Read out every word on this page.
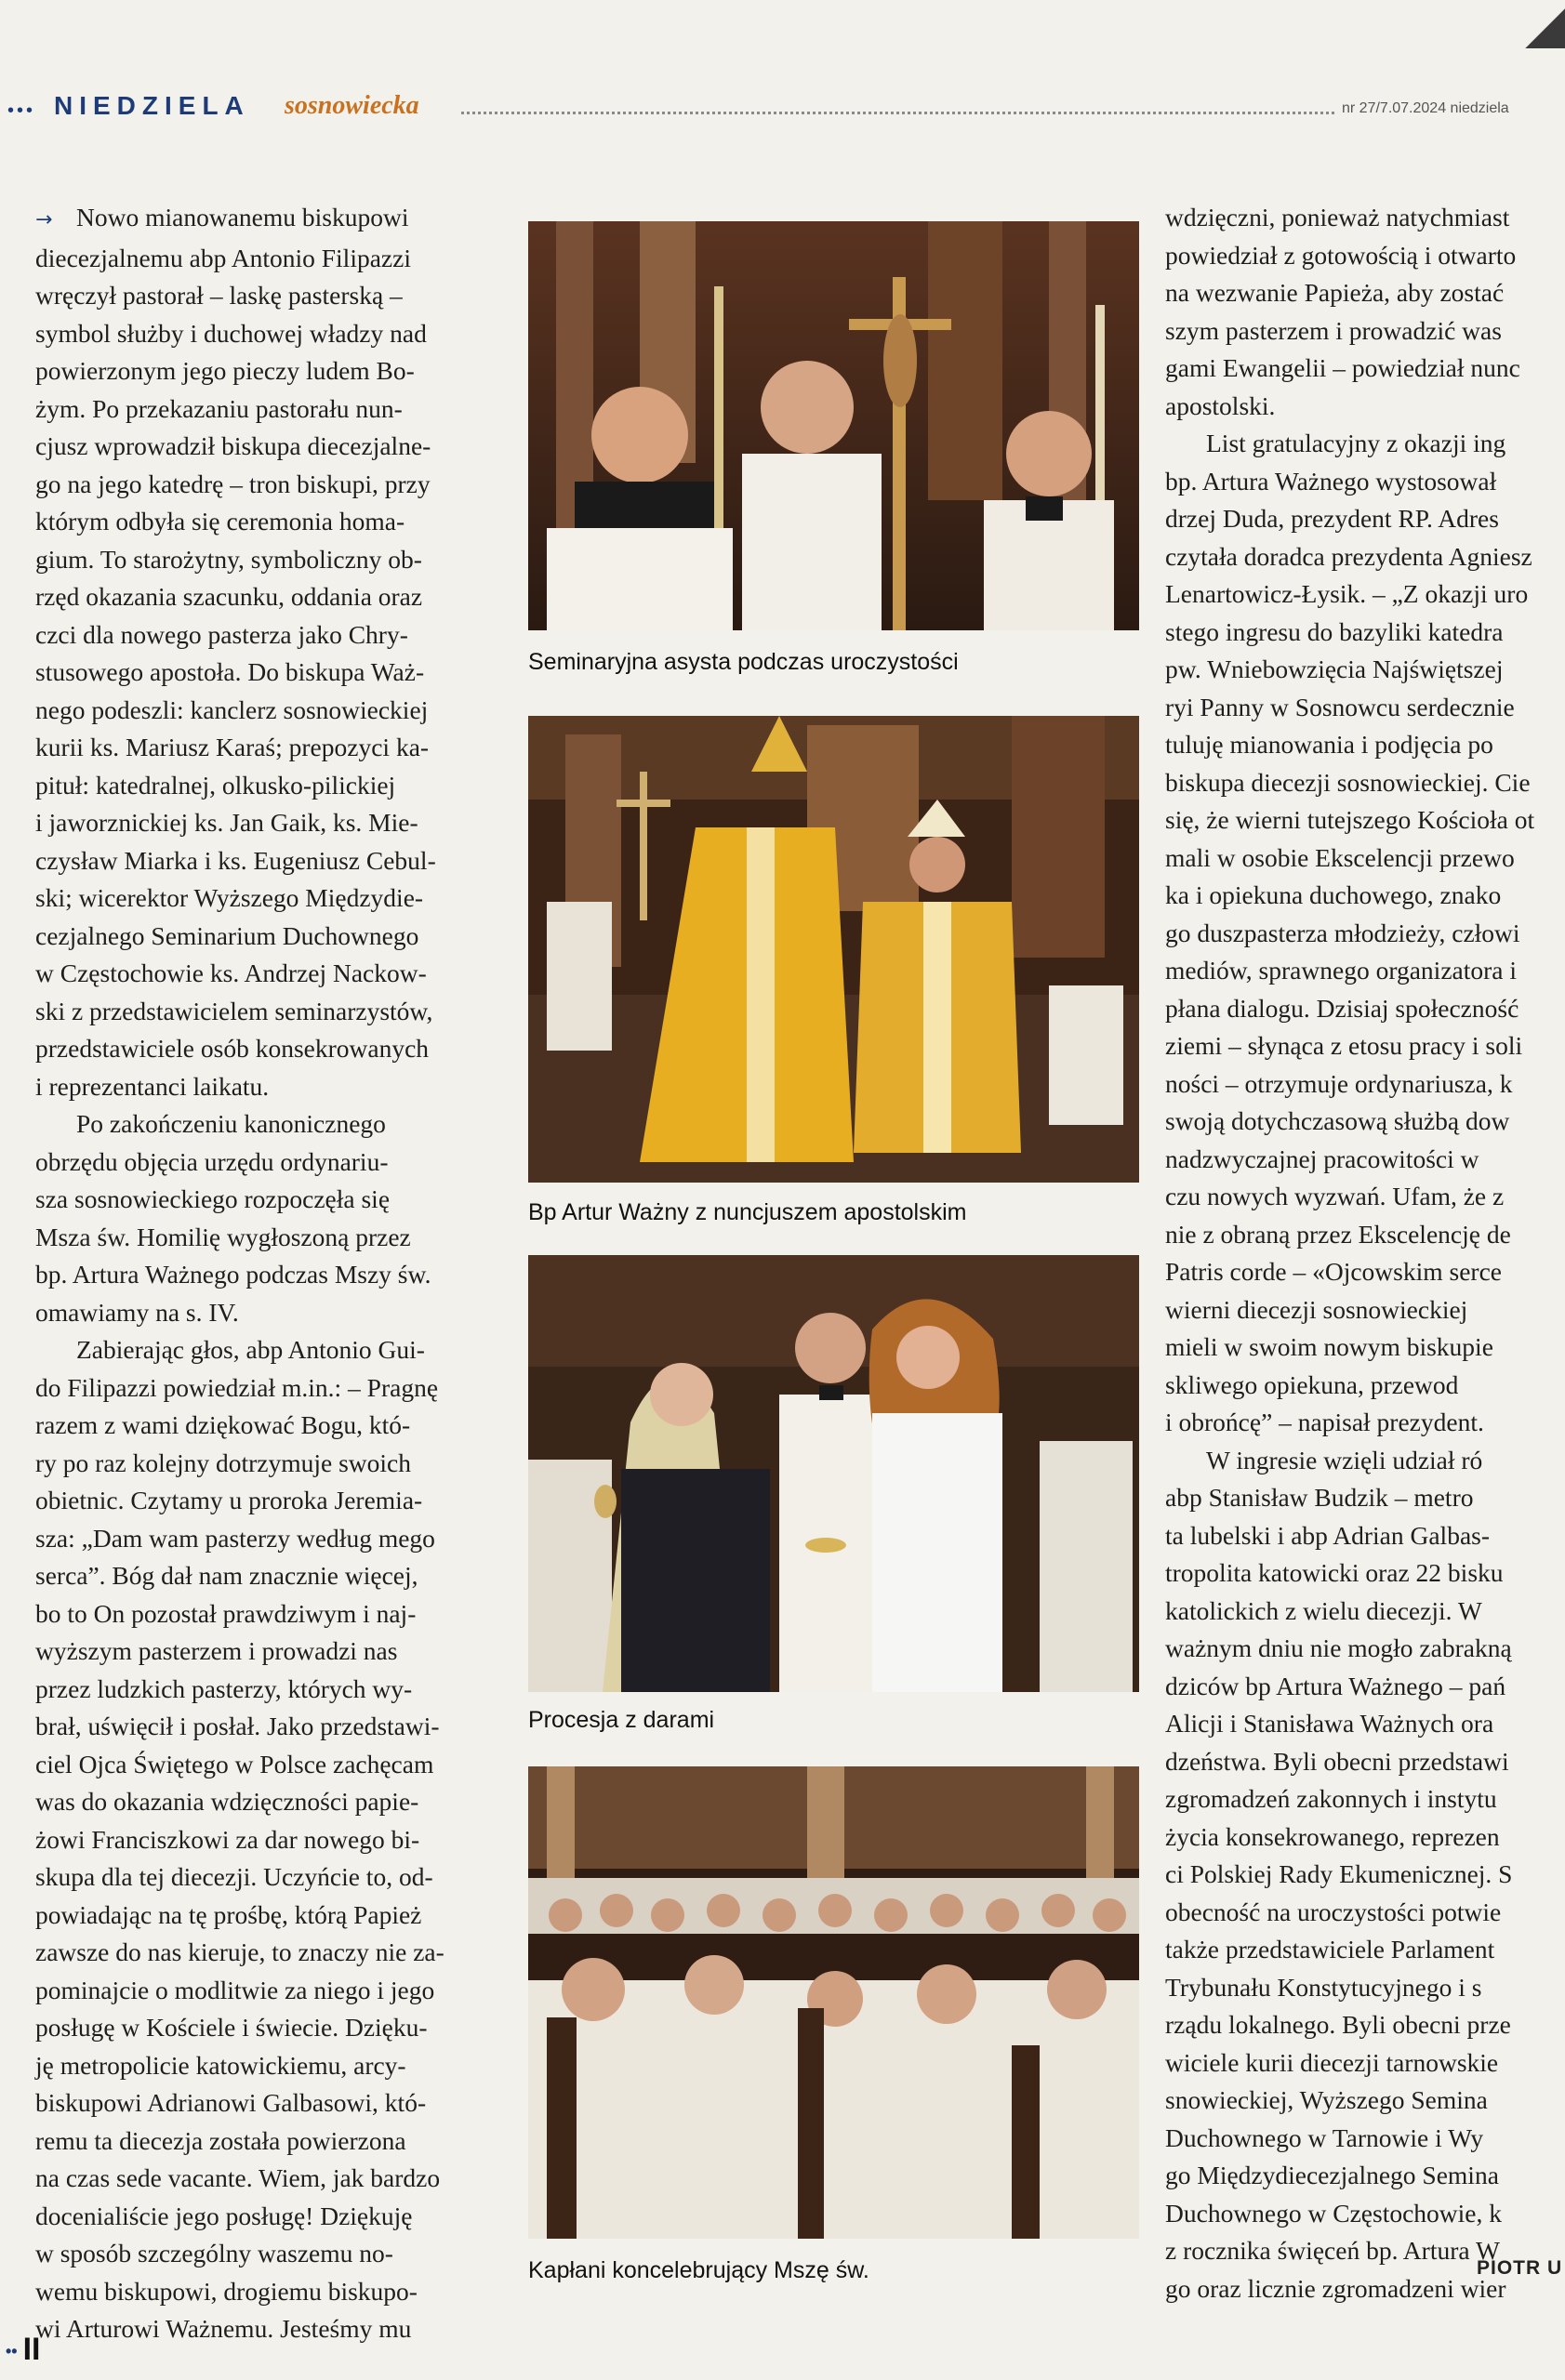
••• NIEDZIELA sosnowiecka	nr 27/7.07.2024 niedziela
→ Nowo mianowanemu biskupowi
diecezjalnemu abp Antonio Filipazzi
wręczył pastorał – laskę pasterską –
symbol służby i duchowej władzy nad
powierzonym jego pieczy ludem Bo-
żym. Po przekazaniu pastorału nun-
cjusz wprowadził biskupa diecezjalne-
go na jego katedrę – tron biskupi, przy
którym odbyła się ceremonia homa-
gium. To starożytny, symboliczny ob-
rzęd okazania szacunku, oddania oraz
czci dla nowego pasterza jako Chry-
stusowego apostoła. Do biskupa Waż-
nego podeszli: kanclerz sosnowieckiej
kurii ks. Mariusz Karaś; prepozyci ka-
pituł: katedralnej, olkusko-pilickiej
i jaworznickiej ks. Jan Gaik, ks. Mie-
czysław Miarka i ks. Eugeniusz Cebul-
ski; wicerektor Wyższego Międzydie-
cezjalnego Seminarium Duchownego
w Częstochowie ks. Andrzej Nackow-
ski z przedstawicielem seminarzystów,
przedstawiciele osób konsekrowanych
i reprezentanci laikatu.
Po zakończeniu kanonicznego
obrzędu objęcia urzędu ordynariu-
sza sosnowieckiego rozpoczęła się
Msza św. Homilię wygłoszoną przez
bp. Artura Ważnego podczas Mszy św.
omawiamy na s. IV.
Zabierając głos, abp Antonio Gui-
do Filipazzi powiedział m.in.: – Pragnę
razem z wami dziękować Bogu, któ-
ry po raz kolejny dotrzymuje swoich
obietnic. Czytamy u proroka Jeremia-
sza: „Dam wam pasterzy według mego
serca”. Bóg dał nam znacznie więcej,
bo to On pozostał prawdziwym i naj-
wyższym pasterzem i prowadzi nas
przez ludzkich pasterzy, których wy-
brał, uświęcił i posłał. Jako przedstawi-
ciel Ojca Świętego w Polsce zachęcam
was do okazania wdzięczności papie-
żowi Franciszkowi za dar nowego bi-
skupa dla tej diecezji. Uczyńcie to, od-
powiadając na tę prośbę, którą Papież
zawsze do nas kieruje, to znaczy nie za-
pominajcie o modlitwie za niego i jego
posługę w Kościele i świecie. Dzięku-
ję metropolicie katowickiemu, arcy-
biskupowi Adrianowi Galbasowi, któ-
remu ta diecezja została powierzona
na czas sede vacante. Wiem, jak bardzo
docenialiście jego posługę! Dziękuję
w sposób szczególny waszemu no-
wemu biskupowi, drogiemu biskupo-
wi Arturowi Ważnemu. Jesteśmy mu
wdzięczni, ponieważ natychmiast
powiedział z gotowością i otwarto
na wezwanie Papieża, aby zostać
szym pasterzem i prowadzić was
gami Ewangelii – powiedział nunc
apostolski.
List gratulacyjny z okazji ing
bp. Artura Ważnego wystosował
drzej Duda, prezydent RP. Adres
czytała doradca prezydenta Agniesz
Lenartowicz-Łysik. – „Z okazji uro
stego ingresu do bazyliki katedra
pw. Wniebowzięcia Najświętszej
ryi Panny w Sosnowcu serdecznie
tuluję mianowania i podjęcia po
biskupa diecezji sosnowieckiej. Cie
się, że wierni tutejszego Kościoła ot
mali w osobie Ekscelencji przewo
ka i opiekuna duchowego, znako
go duszpasterza młodzieży, człowi
mediów, sprawnego organizatora i
płana dialogu. Dzisiaj społeczność
ziemi – słynąca z etosu pracy i soli
ności – otrzymuje ordynariusza, k
swoją dotychczasową służbą dow
nadzwyczajnej pracowitości w
czu nowych wyzwań. Ufam, że z
nie z obraną przez Ekscelencję de
Patris corde – «Ojcowskim serce
wierni diecezji sosnowieckiej
mieli w swoim nowym biskupie
skliwego opiekuna, przewod
i obrońcę” – napisał prezydent.
W ingresie wzięli udział ró
abp Stanisław Budzik – metro
ta lubelski i abp Adrian Galbas-
tropolita katowicki oraz 22 bisku
katolickich z wielu diecezji. W
ważnym dniu nie mogło zabrakną
dziców bp Artura Ważnego – pań
Alicji i Stanisława Ważnych ora
dzeństwa. Byli obecni przedstawi
zgromadzeń zakonnych i instytu
życia konsekrowanego, reprezen
ci Polskiej Rady Ekumenicznej. S
obecność na uroczystości potwie
także przedstawiciele Parlament
Trybunału Konstytucyjnego i s
rządu lokalnego. Byli obecni prze
wiciele kurii diecezji tarnowskie
snowieckiej, Wyższego Semina
Duchownego w Tarnowie i Wy
go Międzydiecezjalnego Semina
Duchownego w Częstochowie, k
z rocznika święceń bp. Artura W
go oraz licznie zgromadzeni wier
Seminaryjna asysta podczas uroczystości
Bp Artur Ważny z nuncjuszem apostolskim
Procesja z darami
Kapłani koncelebrujący Mszę św.	PIOTR U
•• II
